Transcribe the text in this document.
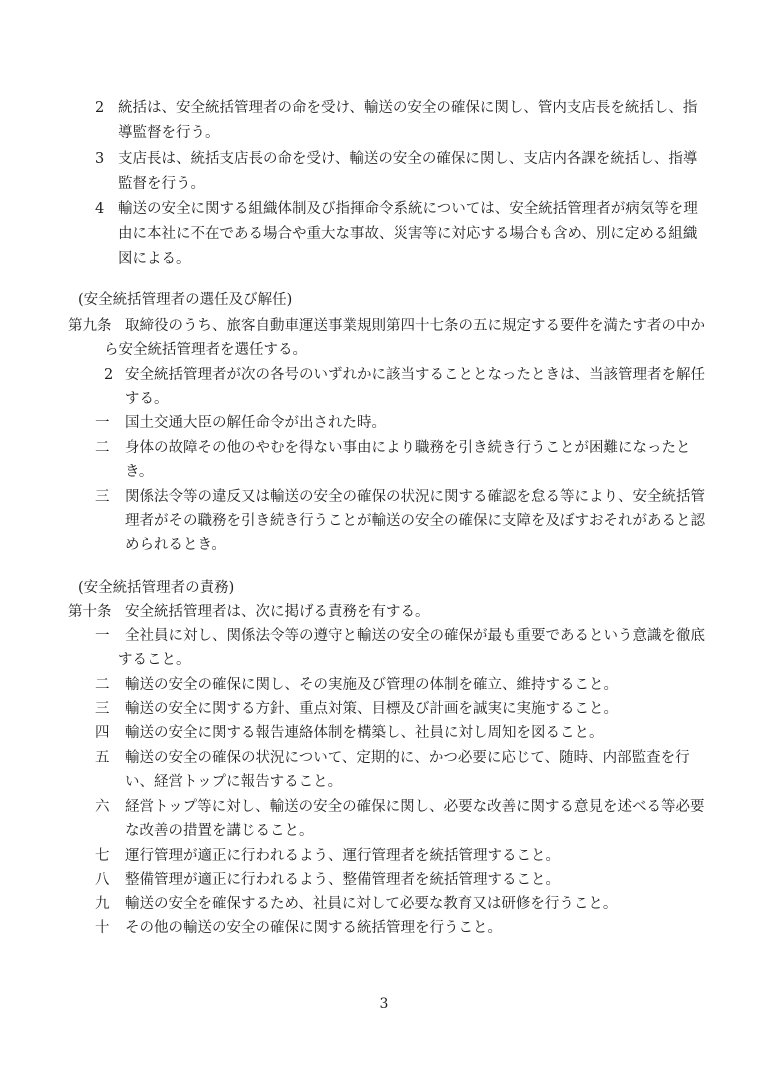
2 統括は、安全統括管理者の命を受け、輸送の安全の確保に関し、管内支店長を統括し、指
導監督を行う。
3 支店長は、統括支店長の命を受け、輸送の安全の確保に関し、支店内各課を統括し、指導
監督を行う。
4 輸送の安全に関する組織体制及び指揮命令系統については、安全統括管理者が病気等を理
由に本社に不在である場合や重大な事故、災害等に対応する場合も含め、別に定める組織
図による。
(安全統括管理者の選任及び解任)
第九条 取締役のうち、旅客自動車運送事業規則第四十七条の五に規定する要件を満たす者の中か
ら安全統括管理者を選任する。
2 安全統括管理者が次の各号のいずれかに該当することとなったときは、当該管理者を解任
する。
一 国土交通大臣の解任命令が出された時。
二 身体の故障その他のやむを得ない事由により職務を引き続き行うことが困難になったと
き。
三 関係法令等の違反又は輸送の安全の確保の状況に関する確認を怠る等により、安全統括管
理者がその職務を引き続き行うことが輸送の安全の確保に支障を及ぼすおそれがあると認
められるとき。
(安全統括管理者の責務)
第十条 安全統括管理者は、次に掲げる責務を有する。
一 全社員に対し、関係法令等の遵守と輸送の安全の確保が最も重要であるという意識を徹底
すること。
二 輸送の安全の確保に関し、その実施及び管理の体制を確立、維持すること。
三 輸送の安全に関する方針、重点対策、目標及び計画を誠実に実施すること。
四 輸送の安全に関する報告連絡体制を構築し、社員に対し周知を図ること。
五 輸送の安全の確保の状況について、定期的に、かつ必要に応じて、随時、内部監査を行
い、経営トップに報告すること。
六 経営トップ等に対し、輸送の安全の確保に関し、必要な改善に関する意見を述べる等必要
な改善の措置を講じること。
七 運行管理が適正に行われるよう、運行管理者を統括管理すること。
八 整備管理が適正に行われるよう、整備管理者を統括管理すること。
九 輸送の安全を確保するため、社員に対して必要な教育又は研修を行うこと。
十 その他の輸送の安全の確保に関する統括管理を行うこと。
3
